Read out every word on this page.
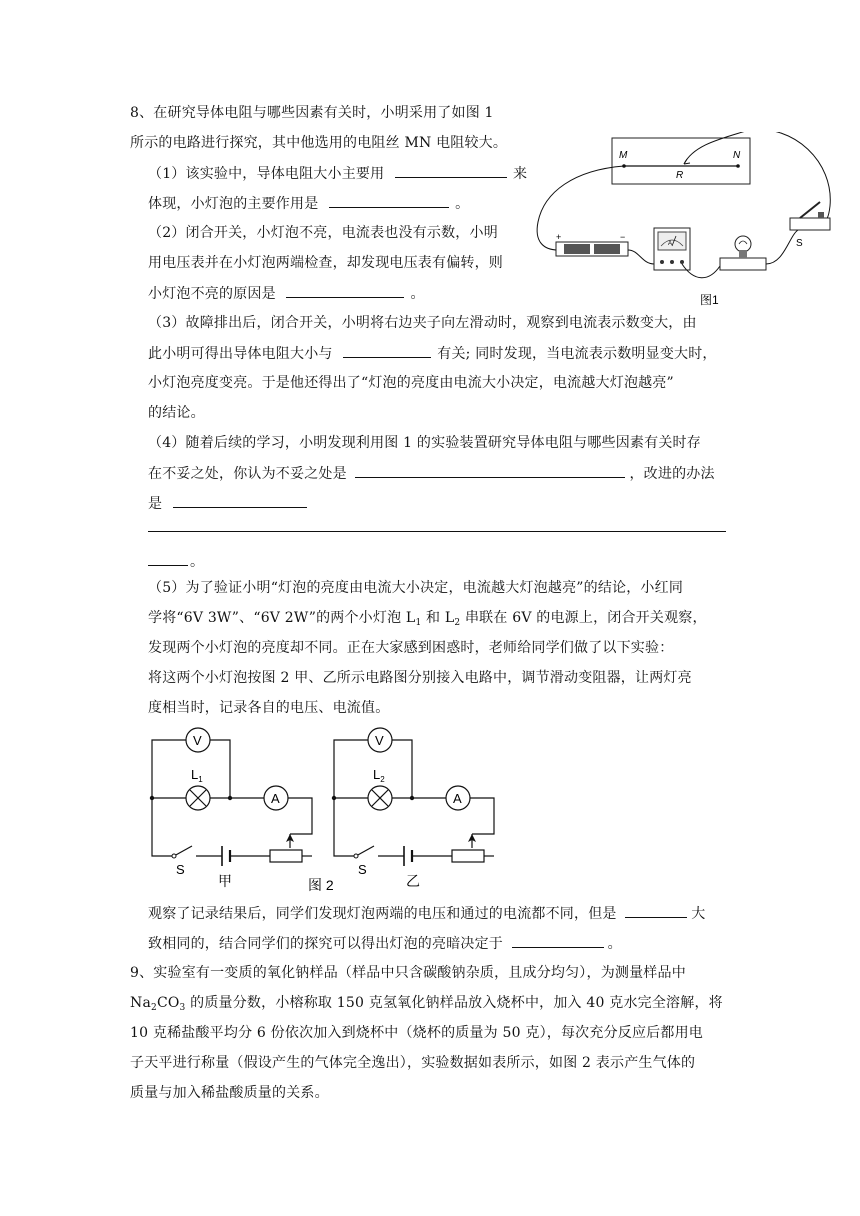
8、在研究导体电阻与哪些因素有关时，小明采用了如图 1
所示的电路进行探究，其中他选用的电阻丝 MN 电阻较大。
（1）该实验中，导体电阻大小主要用	来
体现，小灯泡的主要作用是	。
（2）闭合开关，小灯泡不亮，电流表也没有示数，小明
用电压表并在小灯泡两端检查，却发现电压表有偏转，则
小灯泡不亮的原因是	。
（3）故障排出后，闭合开关，小明将右边夹子向左滑动时，观察到电流表示数变大，由
此小明可得出导体电阻大小与	有关; 同时发现，当电流表示数明显变大时，
小灯泡亮度变亮。于是他还得出了“灯泡的亮度由电流大小决定，电流越大灯泡越亮”
的结论。
（4）随着后续的学习，小明发现利用图 1 的实验装置研究导体电阻与哪些因素有关时存
在不妥之处，你认为不妥之处是	，改进的办法
是
。
（5）为了验证小明“灯泡的亮度由电流大小决定，电流越大灯泡越亮”的结论，小红同
学将“6V 3W”、“6V 2W”的两个小灯泡 $L_1$ 和 $L_2$ 串联在 6V 的电源上，闭合开关观察，
发现两个小灯泡的亮度却不同。正在大家感到困惑时，老师给同学们做了以下实验：
将这两个小灯泡按图 2 甲、乙所示电路图分别接入电路中，调节滑动变阻器，让两灯亮
度相当时，记录各自的电压、电流值。
M	N
R
+	−
A	S
图1
V
$L_1$
A
S
甲
V
$L_2$
A
S
乙
图 2
观察了记录结果后，同学们发现灯泡两端的电压和通过的电流都不同，但是	大
致相同的，结合同学们的探究可以得出灯泡的亮暗决定于	。
9、实验室有一变质的氧化钠样品（样品中只含碳酸钠杂质，且成分均匀），为测量样品中
$Na_2CO_3$ 的质量分数，小榕称取 150 克氢氧化钠样品放入烧杯中，加入 40 克水完全溶解，将
10 克稀盐酸平均分 6 份依次加入到烧杯中（烧杯的质量为 50 克），每次充分反应后都用电
子天平进行称量（假设产生的气体完全逸出），实验数据如表所示，如图 2 表示产生气体的
质量与加入稀盐酸质量的关系。
